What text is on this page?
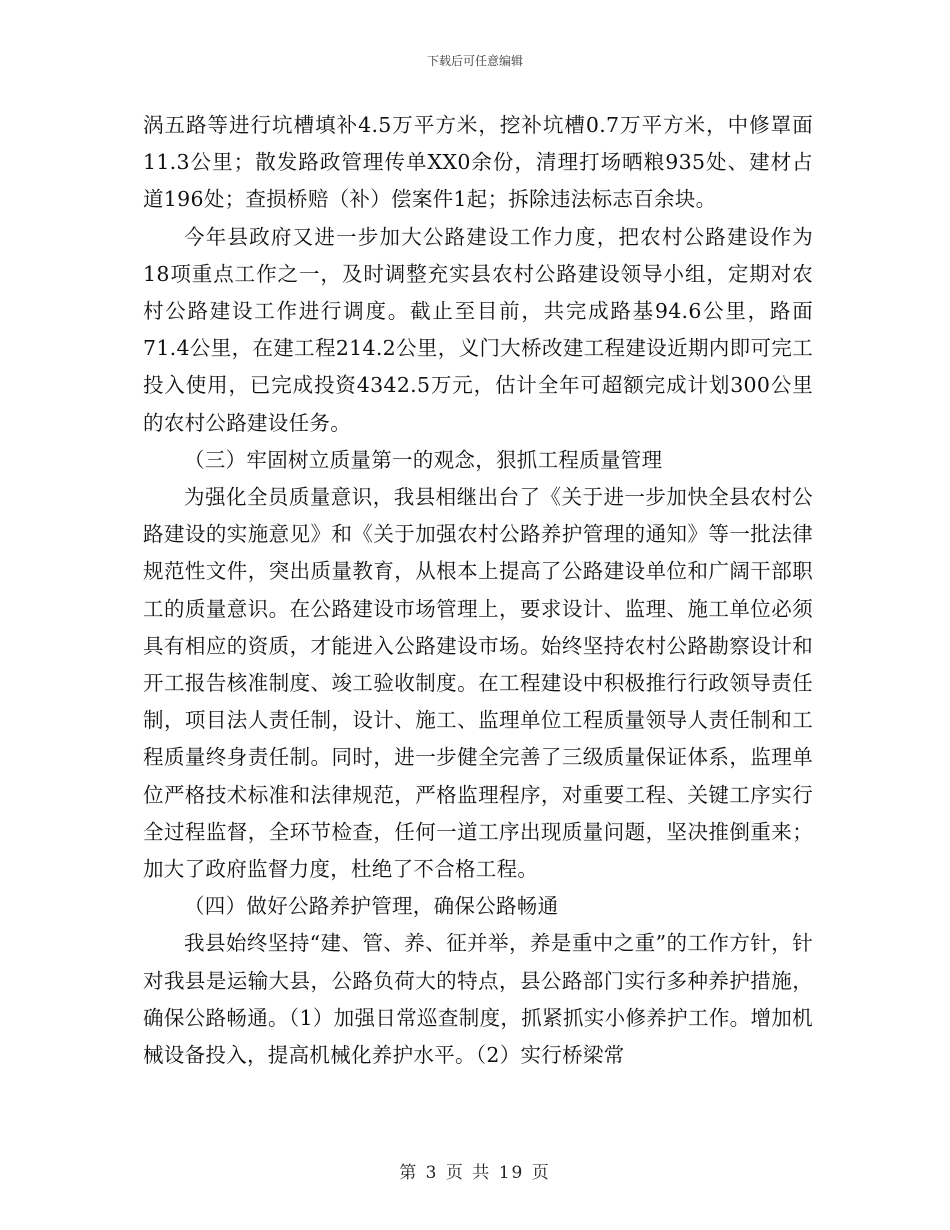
下载后可任意编辑

涡五路等进行坑槽填补4.5万平方米，挖补坑槽0.7万平方米，中修罩面11.3公里；散发路政管理传单XX0余份，清理打场晒粮935处、建材占道196处；查损桥赔（补）偿案件1起；拆除违法标志百余块。

今年县政府又进一步加大公路建设工作力度，把农村公路建设作为18项重点工作之一，及时调整充实县农村公路建设领导小组，定期对农村公路建设工作进行调度。截止至目前，共完成路基94.6公里，路面71.4公里，在建工程214.2公里，义门大桥改建工程建设近期内即可完工投入使用，已完成投资4342.5万元，估计全年可超额完成计划300公里的农村公路建设任务。

（三）牢固树立质量第一的观念，狠抓工程质量管理

为强化全员质量意识，我县相继出台了《关于进一步加快全县农村公路建设的实施意见》和《关于加强农村公路养护管理的通知》等一批法律规范性文件，突出质量教育，从根本上提高了公路建设单位和广阔干部职工的质量意识。在公路建设市场管理上，要求设计、监理、施工单位必须具有相应的资质，才能进入公路建设市场。始终坚持农村公路勘察设计和开工报告核准制度、竣工验收制度。在工程建设中积极推行行政领导责任制，项目法人责任制，设计、施工、监理单位工程质量领导人责任制和工程质量终身责任制。同时，进一步健全完善了三级质量保证体系，监理单位严格技术标准和法律规范，严格监理程序，对重要工程、关键工序实行全过程监督，全环节检查，任何一道工序出现质量问题，坚决推倒重来；加大了政府监督力度，杜绝了不合格工程。

（四）做好公路养护管理，确保公路畅通

我县始终坚持“建、管、养、征并举，养是重中之重”的工作方针，针对我县是运输大县，公路负荷大的特点，县公路部门实行多种养护措施，确保公路畅通。（1）加强日常巡查制度，抓紧抓实小修养护工作。增加机械设备投入，提高机械化养护水平。（2）实行桥梁常

第 3 页 共 19 页
